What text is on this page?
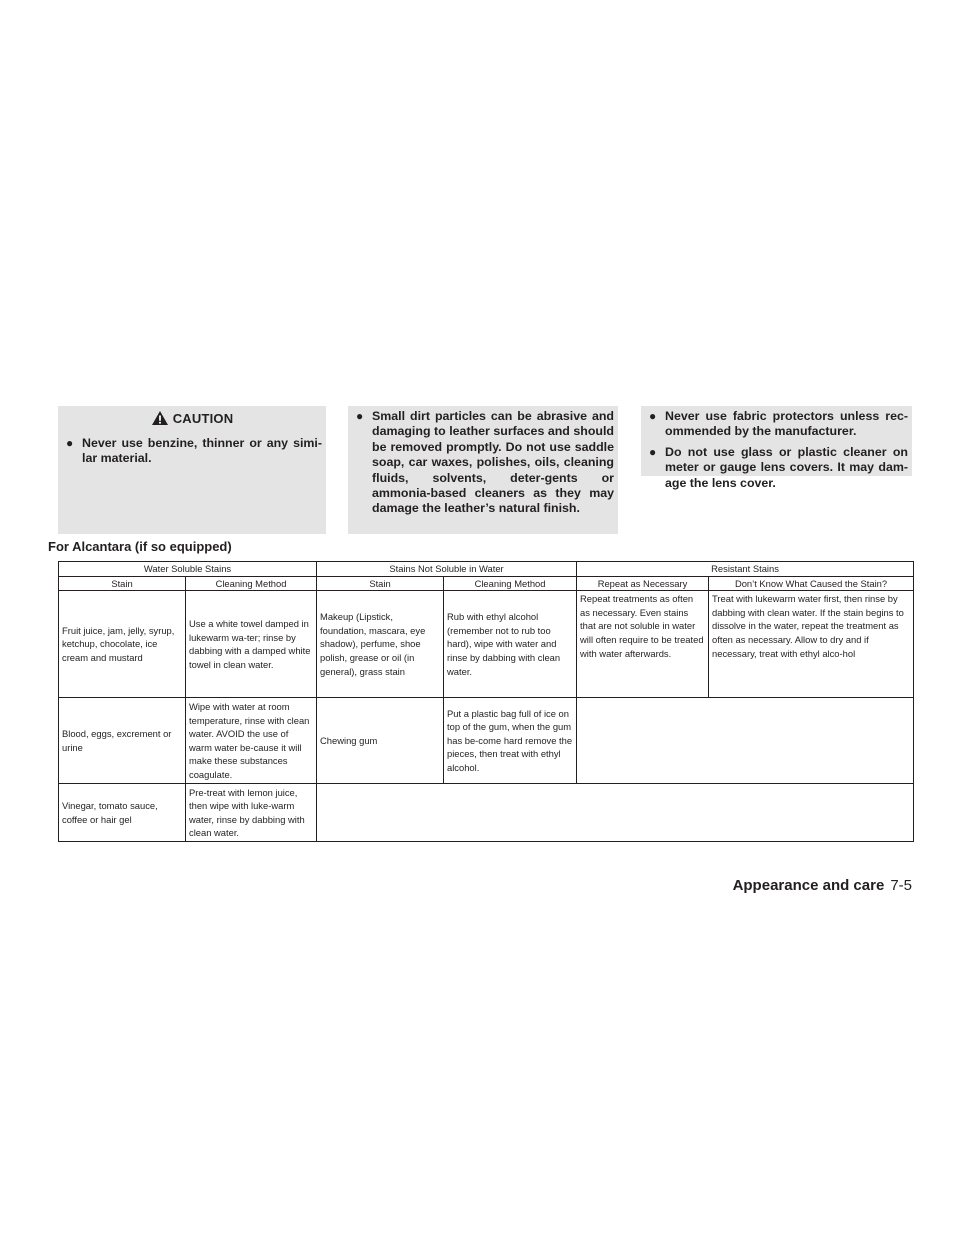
CAUTION
● Never use benzine, thinner or any simi-lar material.
● Small dirt particles can be abrasive and damaging to leather surfaces and should be removed promptly. Do not use saddle soap, car waxes, polishes, oils, cleaning fluids, solvents, deter-gents or ammonia-based cleaners as they may damage the leather’s natural finish.
● Never use fabric protectors unless rec-ommended by the manufacturer.
● Do not use glass or plastic cleaner on meter or gauge lens covers. It may dam-age the lens cover.
For Alcantara (if so equipped)
Water Soluble Stains		Stains Not Soluble in Water		Resistant Stains	
Stain	Cleaning Method	Stain	Cleaning Method	Repeat as Necessary	Don’t Know What Caused the Stain?
Fruit juice, jam, jelly, syrup, ketchup, chocolate, ice cream and mustard	Use a white towel damped in lukewarm wa-ter; rinse by dabbing with a damped white towel in clean water.	Makeup (Lipstick, foundation, mascara, eye shadow), perfume, shoe polish, grease or oil (in general), grass stain	Rub with ethyl alcohol (remember not to rub too hard), wipe with water and rinse by dabbing with clean water.	Repeat treatments as often as necessary. Even stains that are not soluble in water will often require to be treated with water afterwards.	Treat with lukewarm water first, then rinse by dabbing with clean water. If the stain begins to dissolve in the water, repeat the treatment as often as necessary. Allow to dry and if necessary, treat with ethyl alco-hol
Blood, eggs, excrement or urine	Wipe with water at room temperature, rinse with clean water. AVOID the use of warm water be-cause it will make these substances coagulate.	Chewing gum	Put a plastic bag full of ice on top of the gum, when the gum has be-come hard remove the pieces, then treat with ethyl alcohol.		
Vinegar, tomato sauce, coffee or hair gel	Pre-treat with lemon juice, then wipe with luke-warm water, rinse by dabbing with clean water.				
Appearance and care 7-5
